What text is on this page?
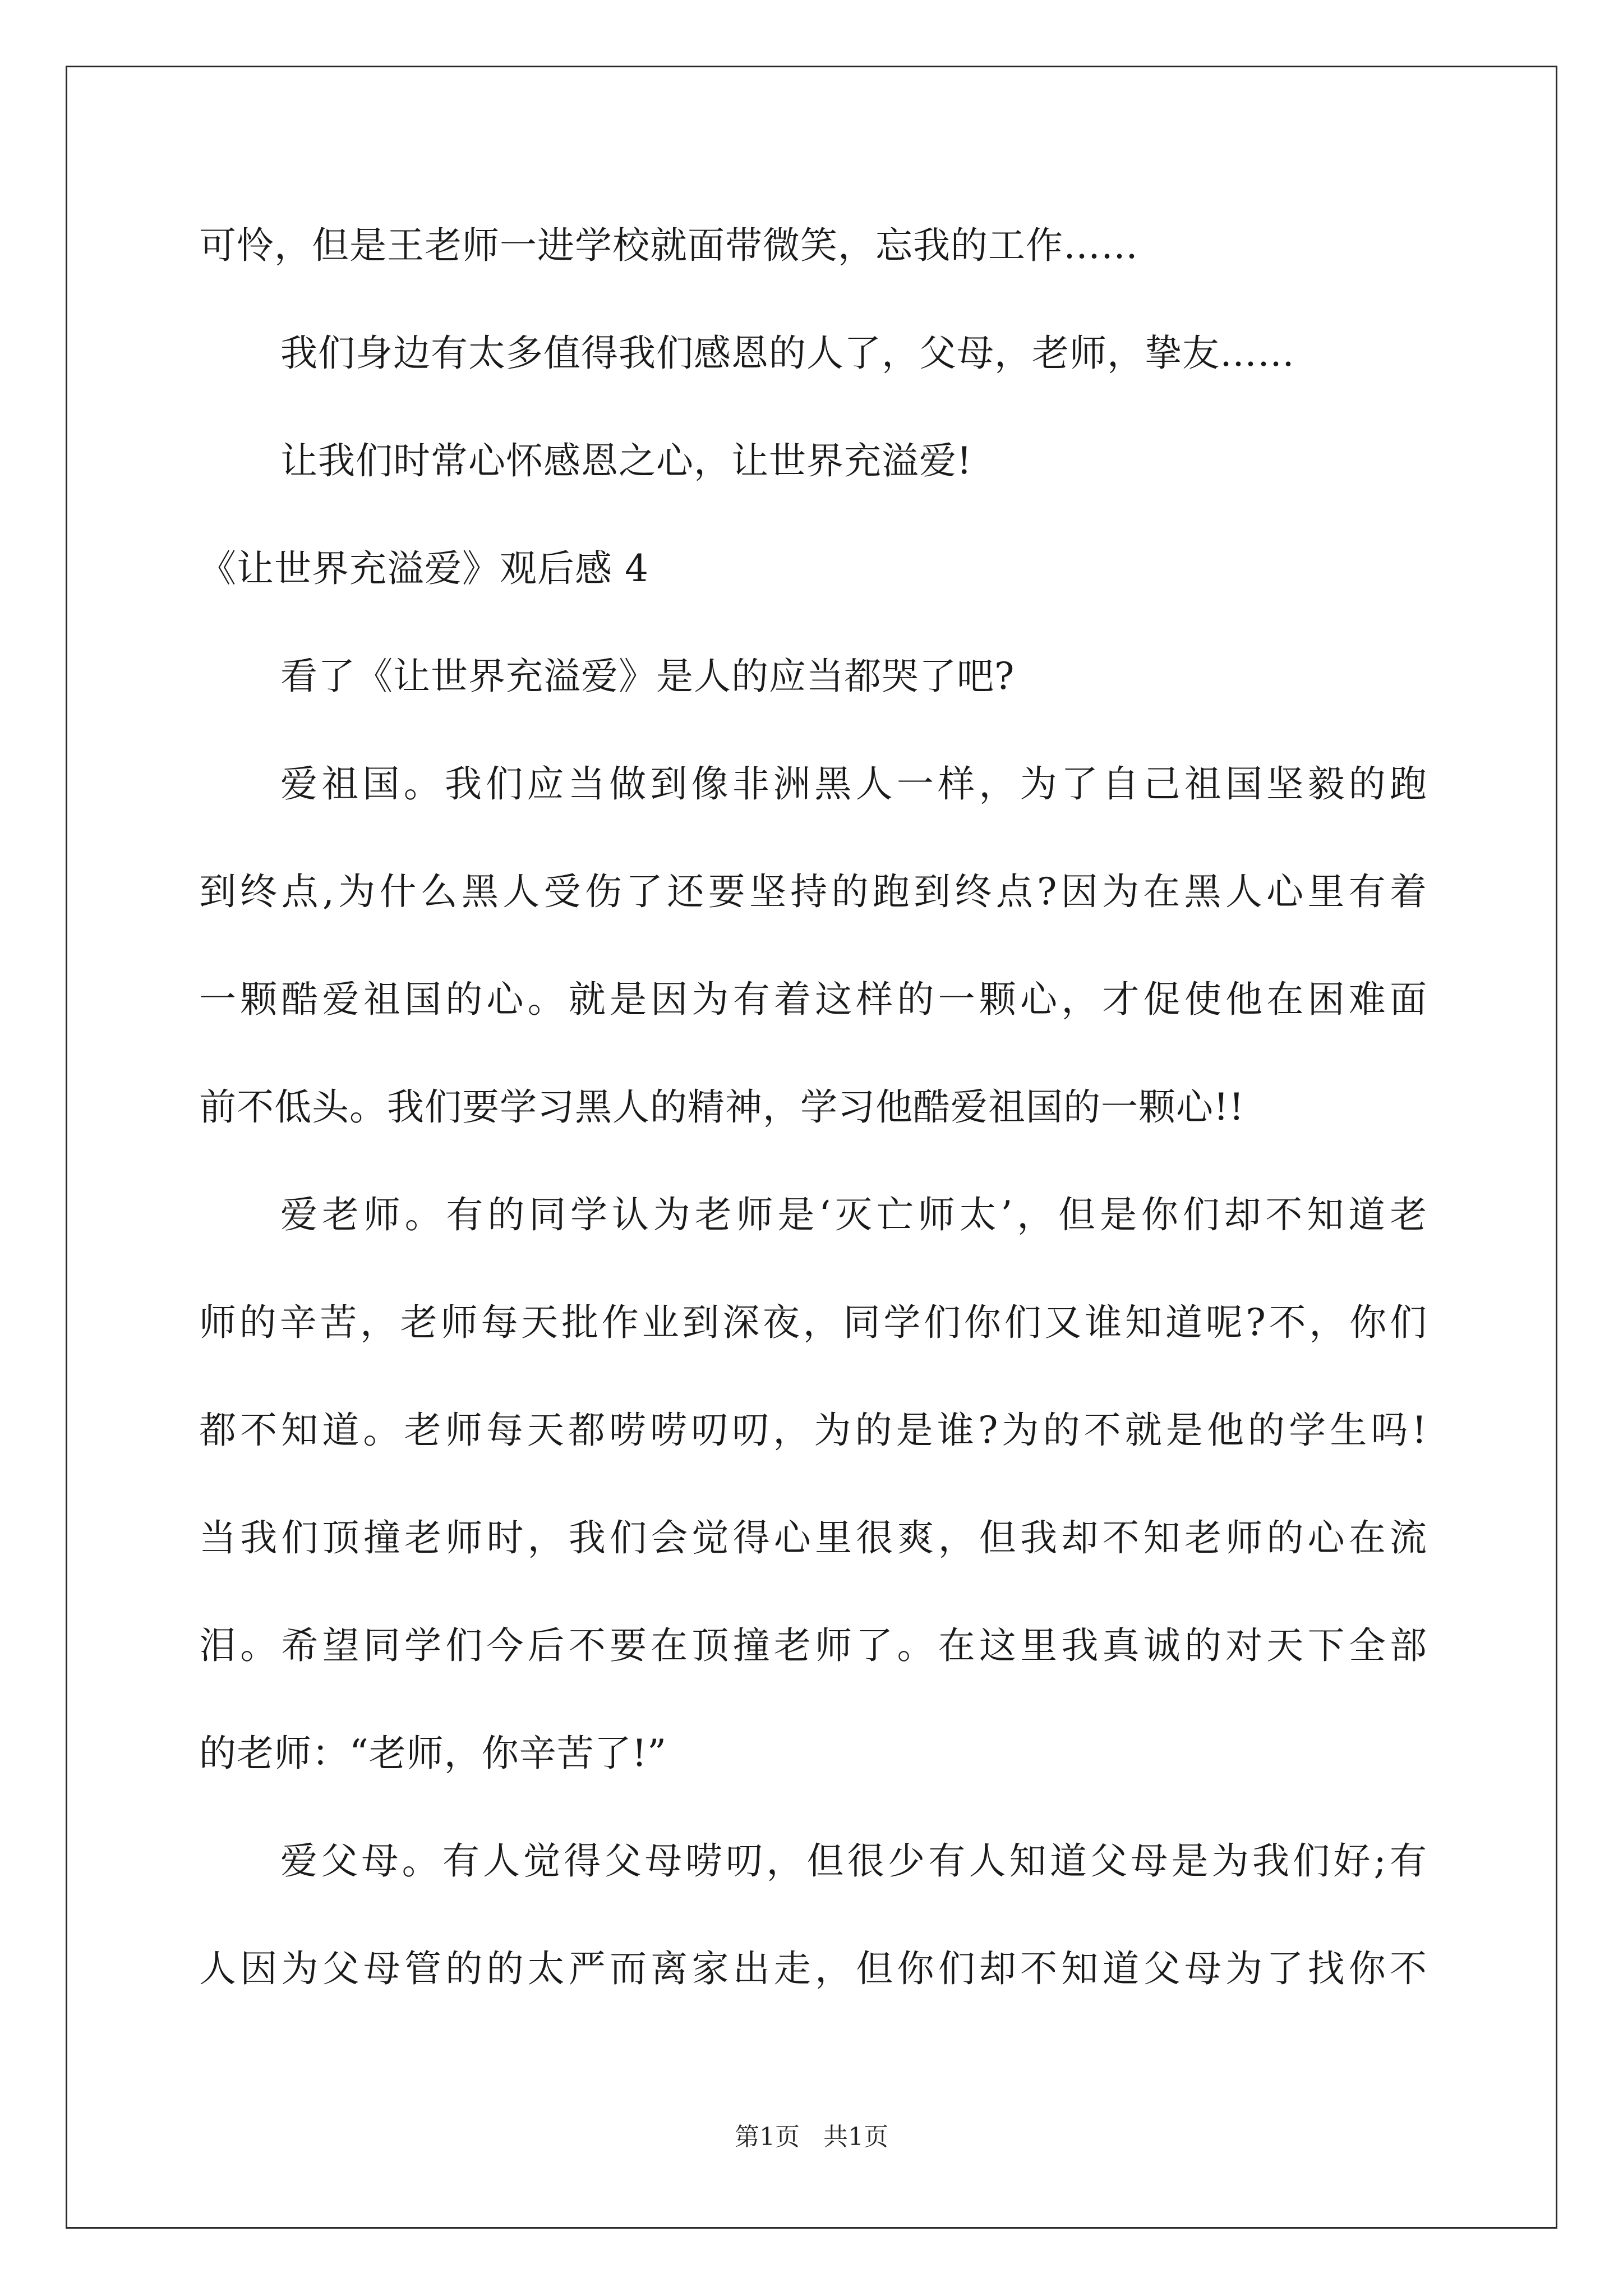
可怜，但是王老师一进学校就面带微笑，忘我的工作……
我们身边有太多值得我们感恩的人了，父母，老师，挚友……
让我们时常心怀感恩之心，让世界充溢爱!
《让世界充溢爱》观后感 4
看了《让世界充溢爱》是人的应当都哭了吧?
爱祖国。我们应当做到像非洲黑人一样，为了自己祖国坚毅的跑
到终点,为什么黑人受伤了还要坚持的跑到终点?因为在黑人心里有着
一颗酷爱祖国的心。就是因为有着这样的一颗心，才促使他在困难面
前不低头。我们要学习黑人的精神，学习他酷爱祖国的一颗心!!
爱老师。有的同学认为老师是‘灭亡师太’，但是你们却不知道老
师的辛苦，老师每天批作业到深夜，同学们你们又谁知道呢?不，你们
都不知道。老师每天都唠唠叨叨，为的是谁?为的不就是他的学生吗!
当我们顶撞老师时，我们会觉得心里很爽，但我却不知老师的心在流
泪。希望同学们今后不要在顶撞老师了。在这里我真诚的对天下全部
的老师：“老师，你辛苦了!”
爱父母。有人觉得父母唠叨，但很少有人知道父母是为我们好;有
人因为父母管的的太严而离家出走，但你们却不知道父母为了找你不
第1页   共1页
